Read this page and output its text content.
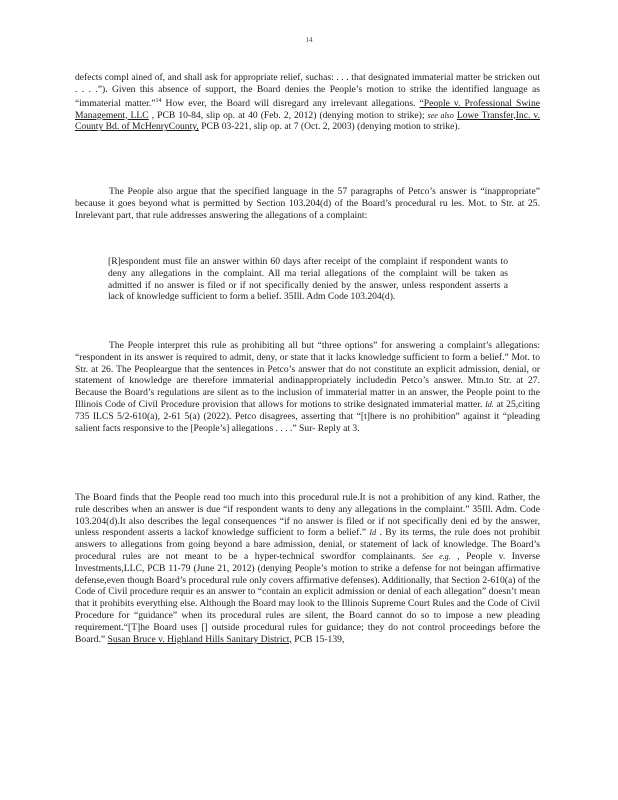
14

defects compl ained of, and shall ask for appropriate relief, suchas: . . . that designated immaterial matter be stricken out . . . .”). Given this absence of support, the Board denies the People’s motion to strike the identified language as “immaterial matter.”$^{14}$ How ever, the Board will disregard any irrelevant allegations. “People v. Professional Swine Management, LLC , PCB 10-84, slip op. at 40 (Feb. 2, 2012) (denying motion to strike); see also Lowe Transfer,Inc. v. County Bd. of McHenryCounty, PCB 03-221, slip op. at 7 (Oct. 2, 2003) (denying motion to strike).

The People also argue that the specified language in the 57 paragraphs of Petco’s answer is “inappropriate” because it goes beyond what is permitted by Section 103.204(d) of the Board’s procedural ru les. Mot. to Str. at 25. Inrelevant part, that rule addresses answering the allegations of a complaint:

[R]espondent must file an answer within 60 days after receipt of the complaint if respondent wants to deny any allegations in the complaint. All ma terial allegations of the complaint will be taken as admitted if no answer is filed or if not specifically denied by the answer, unless respondent asserts a lack of knowledge sufficient to form a belief. 35Ill. Adm Code 103.204(d).

The People interpret this rule as prohibiting all but “three options” for answering a complaint’s allegations: “respondent in its answer is required to admit, deny, or state that it lacks knowledge sufficient to form a belief.” Mot. to Str. at 26. The Peopleargue that the sentences in Petco’s answer that do not constitute an explicit admission, denial, or statement of knowledge are therefore immaterial andinappropriately includedin Petco’s answer. Mtn.to Str. at 27. Because the Board’s regulations are silent as to the inclusion of immaterial matter in an answer, the People point to the Illinois Code of Civil Procedure provision that allows for motions to strike designated immaterial matter. Id. at 25,citing 735 ILCS 5/2-610(a), 2-61 5(a) (2022). Petco disagrees, asserting that “[t]here is no prohibition” against it “pleading salient facts responsive to the [People’s] allegations . . . .” Sur- Reply at 3.

The Board finds that the People read too much into this procedural rule.It is not a prohibition of any kind. Rather, the rule describes when an answer is due “if respondent wants to deny any allegations in the complaint.” 35Ill. Adm. Code 103.204(d).It also describes the legal consequences “if no answer is filed or if not specifically deni ed by the answer, unless respondent asserts a lackof knowledge sufficient to form a belief.” Id . By its terms, the rule does not prohibit answers to allegations from going beyond a bare admission, denial, or statement of lack of knowledge. The Board’s procedural rules are not meant to be a hyper-technical swordfor complainants. See e.g. , People v. Inverse Investments,LLC, PCB 11-79 (June 21, 2012) (denying People’s motion to strike a defense for not beingan affirmative defense,even though Board’s procedural rule only covers affirmative defenses). Additionally, that Section 2-610(a) of the Code of Civil procedure requir es an answer to “contain an explicit admission or denial of each allegation” doesn’t mean that it prohibits everything else. Although the Board may look to the Illinois Supreme Court Rules and the Code of Civil Procedure for “guidance” when its procedural rules are silent, the Board cannot do so to impose a new pleading requirement.“[T]he Board uses [] outside procedural rules for guidance; they do not control proceedings before the Board.” Susan Bruce v. Highland Hills Sanitary District, PCB 15-139,
